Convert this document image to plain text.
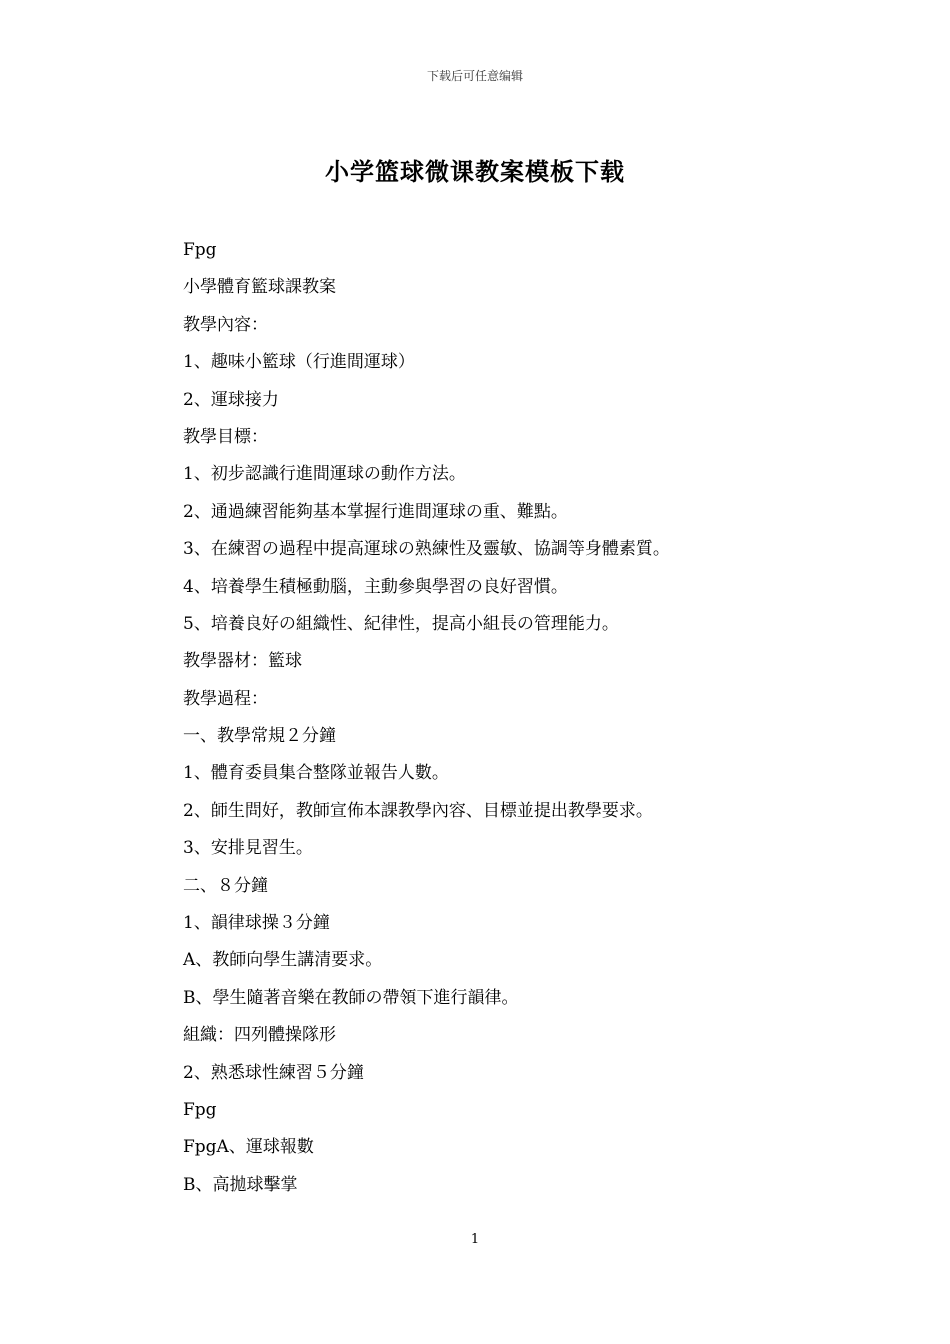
下载后可任意编辑
小学篮球微课教案模板下载
Fpg
小學體育籃球課教案
教學內容：
1、趣味小籃球（行進間運球）
2、運球接力
教學目標：
1、初步認識行進間運球の動作方法。
2、通過練習能夠基本掌握行進間運球の重、難點。
3、在練習の過程中提高運球の熟練性及靈敏、協調等身體素質。
4、培養學生積極動腦，主動參與學習の良好習慣。
5、培養良好の組織性、紀律性，提高小組長の管理能力。
教學器材：籃球
教學過程：
一、教學常規２分鐘
1、體育委員集合整隊並報告人數。
2、師生問好，教師宣佈本課教學內容、目標並提出教學要求。
3、安排見習生。
二、８分鐘
1、韻律球操３分鐘
A、教師向學生講清要求。
B、學生隨著音樂在教師の帶領下進行韻律。
組織：四列體操隊形
2、熟悉球性練習５分鐘
Fpg
FpgA、運球報數
B、高拋球擊掌
1
